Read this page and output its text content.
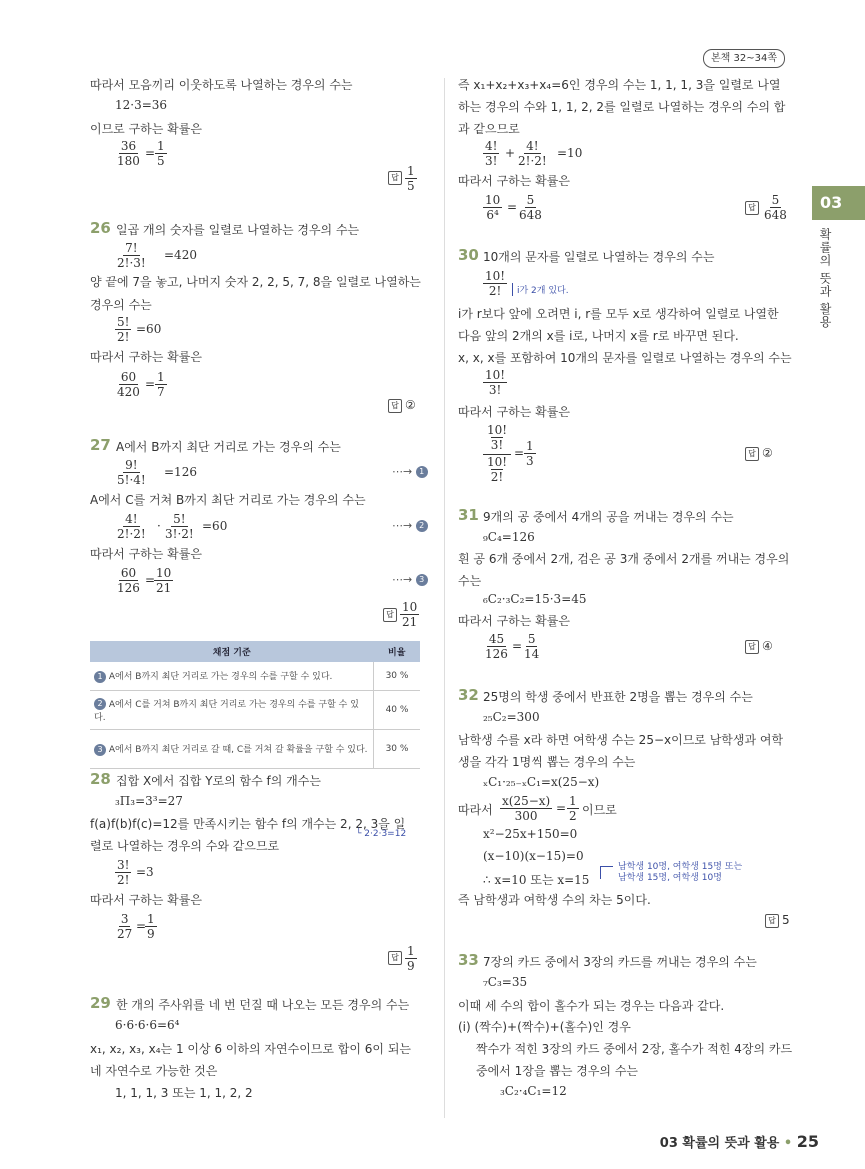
본책 32~34쪽
03
확률의 뜻과 활용
따라서 모음끼리 이웃하도록 나열하는 경우의 수는
12·3=36
이므로 구하는 확률은
$\frac{36}{180} = \frac{1}{5}$
답 $\frac{1}{5}$
26 일곱 개의 숫자를 일렬로 나열하는 경우의 수는
$\frac{7!}{2!\cdot 3!} =420$
양 끝에 7을 놓고, 나머지 숫자 2, 2, 5, 7, 8을 일렬로 나열하는
경우의 수는
$\frac{5!}{2!} =60$
따라서 구하는 확률은
$\frac{60}{420} = \frac{1}{7}$
답 ②
27 A에서 B까지 최단 거리로 가는 경우의 수는
$\frac{9!}{5!\cdot 4!} =126$	⋯→ 1
A에서 C를 거쳐 B까지 최단 거리로 가는 경우의 수는
$\frac{4!}{2!\cdot 2!} \cdot \frac{5!}{3!\cdot 2!} =60$	⋯→ 2
따라서 구하는 확률은
$\frac{60}{126}$ =
$\frac{10}{21}$	⋯→ 3
답 $\frac{10}{21}$
채점 기준	비율
1 A에서 B까지 최단 거리로 가는 경우의 수를 구할 수 있다.	30 %
2 A에서 C를 거쳐 B까지 최단 거리로 가는 경우의 수를 구할 수 있다.	40 %
3 A에서 B까지 최단 거리로 갈 때, C를 거쳐 갈 확률을 구할 수 있다.	30 %
28 집합 X에서 집합 Y로의 함수 f의 개수는
₃Π₃=3³=27
f(a)f(b)f(c)=12를 만족시키는 함수 f의 개수는 2, 2, 3을 일
└ 2·2·3=12
렬로 나열하는 경우의 수와 같으므로
$\frac{3!}{2!} =3$
따라서 구하는 확률은
$\frac{3}{27}$ =
$\frac{1}{9}$
답 $\frac{1}{9}$
29 한 개의 주사위를 네 번 던질 때 나오는 모든 경우의 수는
6·6·6·6=6⁴
x₁, x₂, x₃, x₄는 1 이상 6 이하의 자연수이므로 합이 6이 되는
네 자연수로 가능한 것은
1, 1, 1, 3 또는 1, 1, 2, 2
즉 x₁+x₂+x₃+x₄=6인 경우의 수는 1, 1, 1, 3을 일렬로 나열
하는 경우의 수와 1, 1, 2, 2를 일렬로 나열하는 경우의 수의 합
과 같으므로
$\frac{4!}{3!} + \frac{4!}{2!\cdot 2!} =10$
따라서 구하는 확률은
$\frac{10}{\text{6⁴}} = \frac{5}{648}$	답 $\frac{5}{648}$
30 10개의 문자를 일렬로 나열하는 경우의 수는
$\frac{10!}{2!}$	i가 2개 있다.
i가 r보다 앞에 오려면 i, r를 모두 x로 생각하여 일렬로 나열한
다음 앞의 2개의 x를 i로, 나머지 x를 r로 바꾸면 된다.
x, x, x를 포함하여 10개의 문자를 일렬로 나열하는 경우의 수는
$\frac{10!}{3!}$
따라서 구하는 확률은
10!
3!
10!
2!
= $\frac{1}{3}$	답 ②
31 9개의 공 중에서 4개의 공을 꺼내는 경우의 수는
₉C₄=126
흰 공 6개 중에서 2개, 검은 공 3개 중에서 2개를 꺼내는 경우의
수는
₆C₂·₃C₂=15·3=45
따라서 구하는 확률은
$\frac{45}{126} = \frac{5}{14}$	답 ④
32 25명의 학생 중에서 반표한 2명을 뽑는 경우의 수는
₂₅C₂=300
남학생 수를 x라 하면 여학생 수는 25−x이므로 남학생과 여학
생을 각각 1명씩 뽑는 경우의 수는
ₓC₁·₂₅₋ₓC₁=x(25−x)
따라서 $\frac{x(25-x)}{300} = \frac{1}{2}$ 이므로
x²−25x+150=0
(x−10)(x−15)=0
∴ x=10 또는 x=15
남학생 10명, 여학생 15명 또는
남학생 15명, 여학생 10명
즉 남학생과 여학생 수의 차는 5이다.
답 5
33 7장의 카드 중에서 3장의 카드를 꺼내는 경우의 수는
₇C₃=35
이때 세 수의 합이 홀수가 되는 경우는 다음과 같다.
(i) (짝수)+(짝수)+(홀수)인 경우
짝수가 적힌 3장의 카드 중에서 2장, 홀수가 적힌 4장의 카드
중에서 1장을 뽑는 경우의 수는
₃C₂·₄C₁=12
03 확률의 뜻과 활용 • 25
